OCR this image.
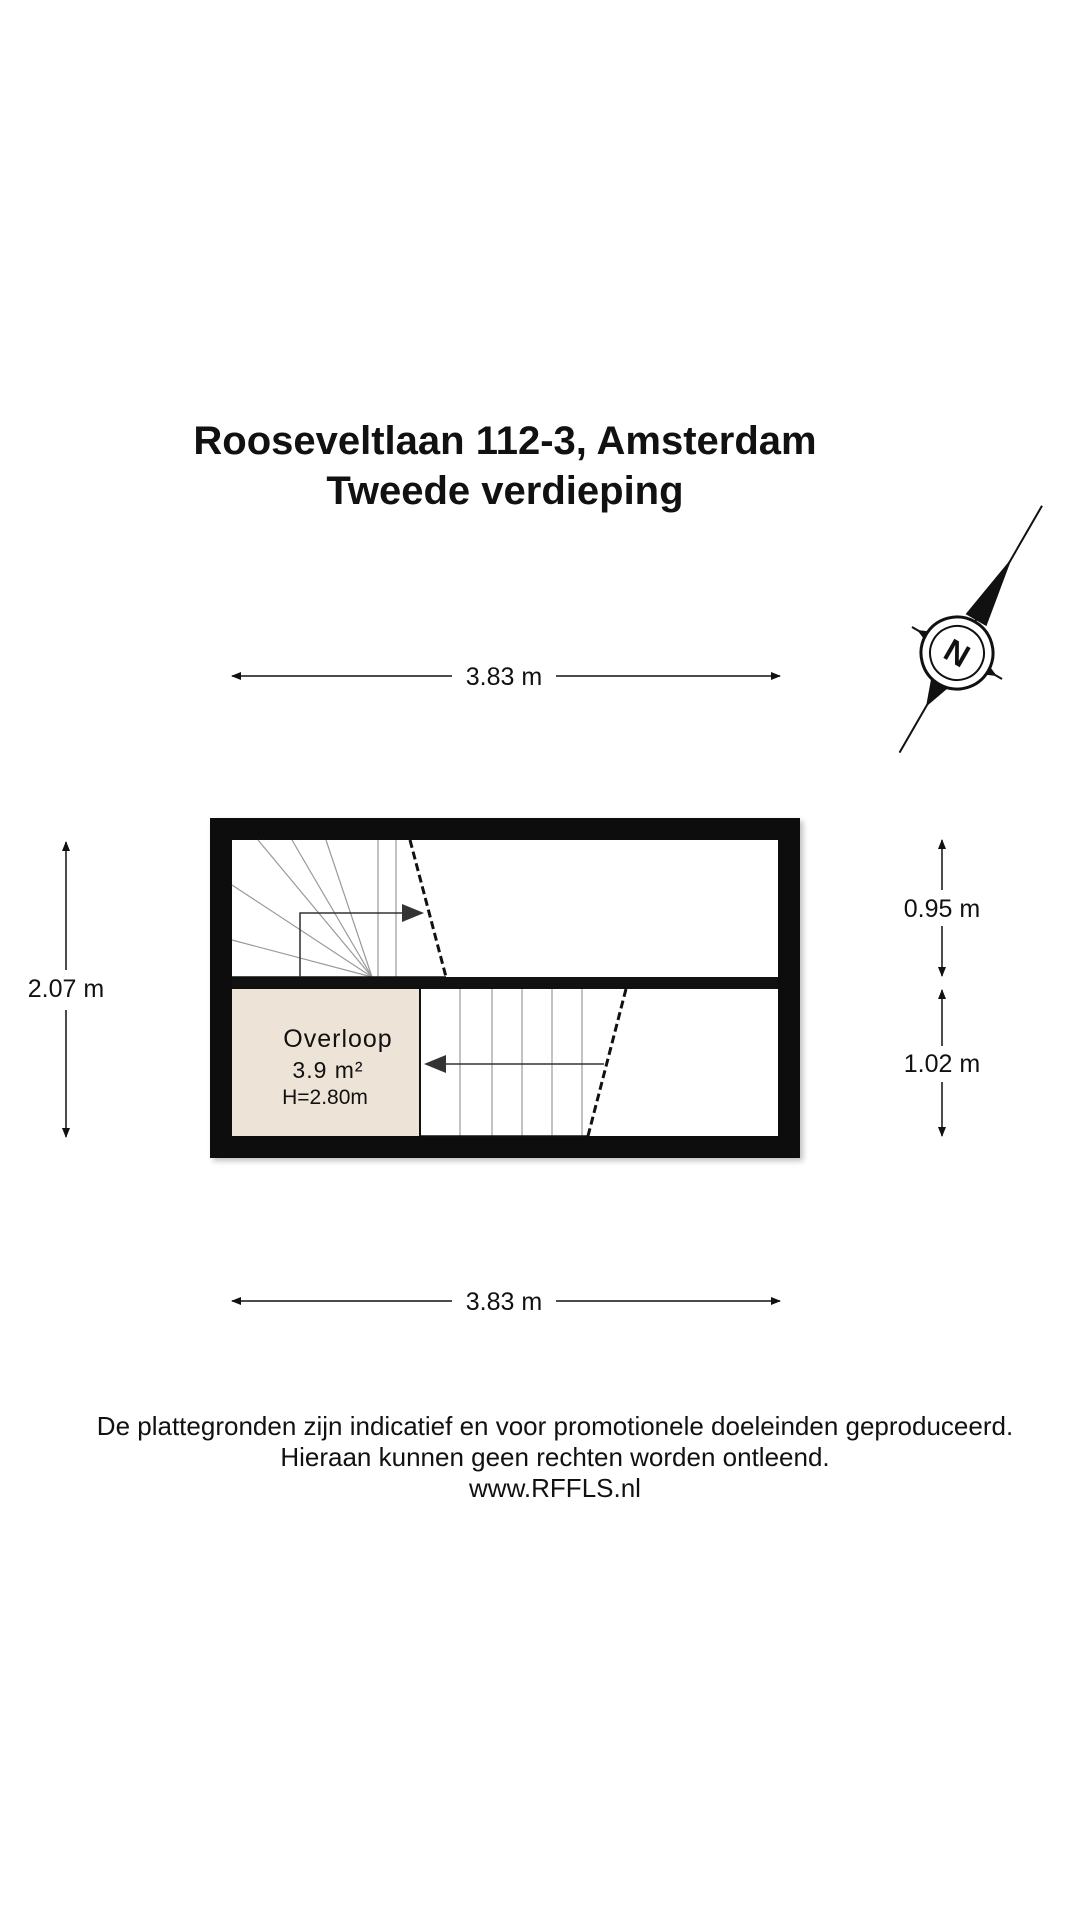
Rooseveltlaan 112-3, Amsterdam
Tweede verdieping
3.83 m
3.83 m
2.07 m
0.95 m
1.02 m
Overloop
3.9 m²
H=2.80m
N
De plattegronden zijn indicatief en voor promotionele doeleinden geproduceerd.
Hieraan kunnen geen rechten worden ontleend.
www.RFFLS.nl
